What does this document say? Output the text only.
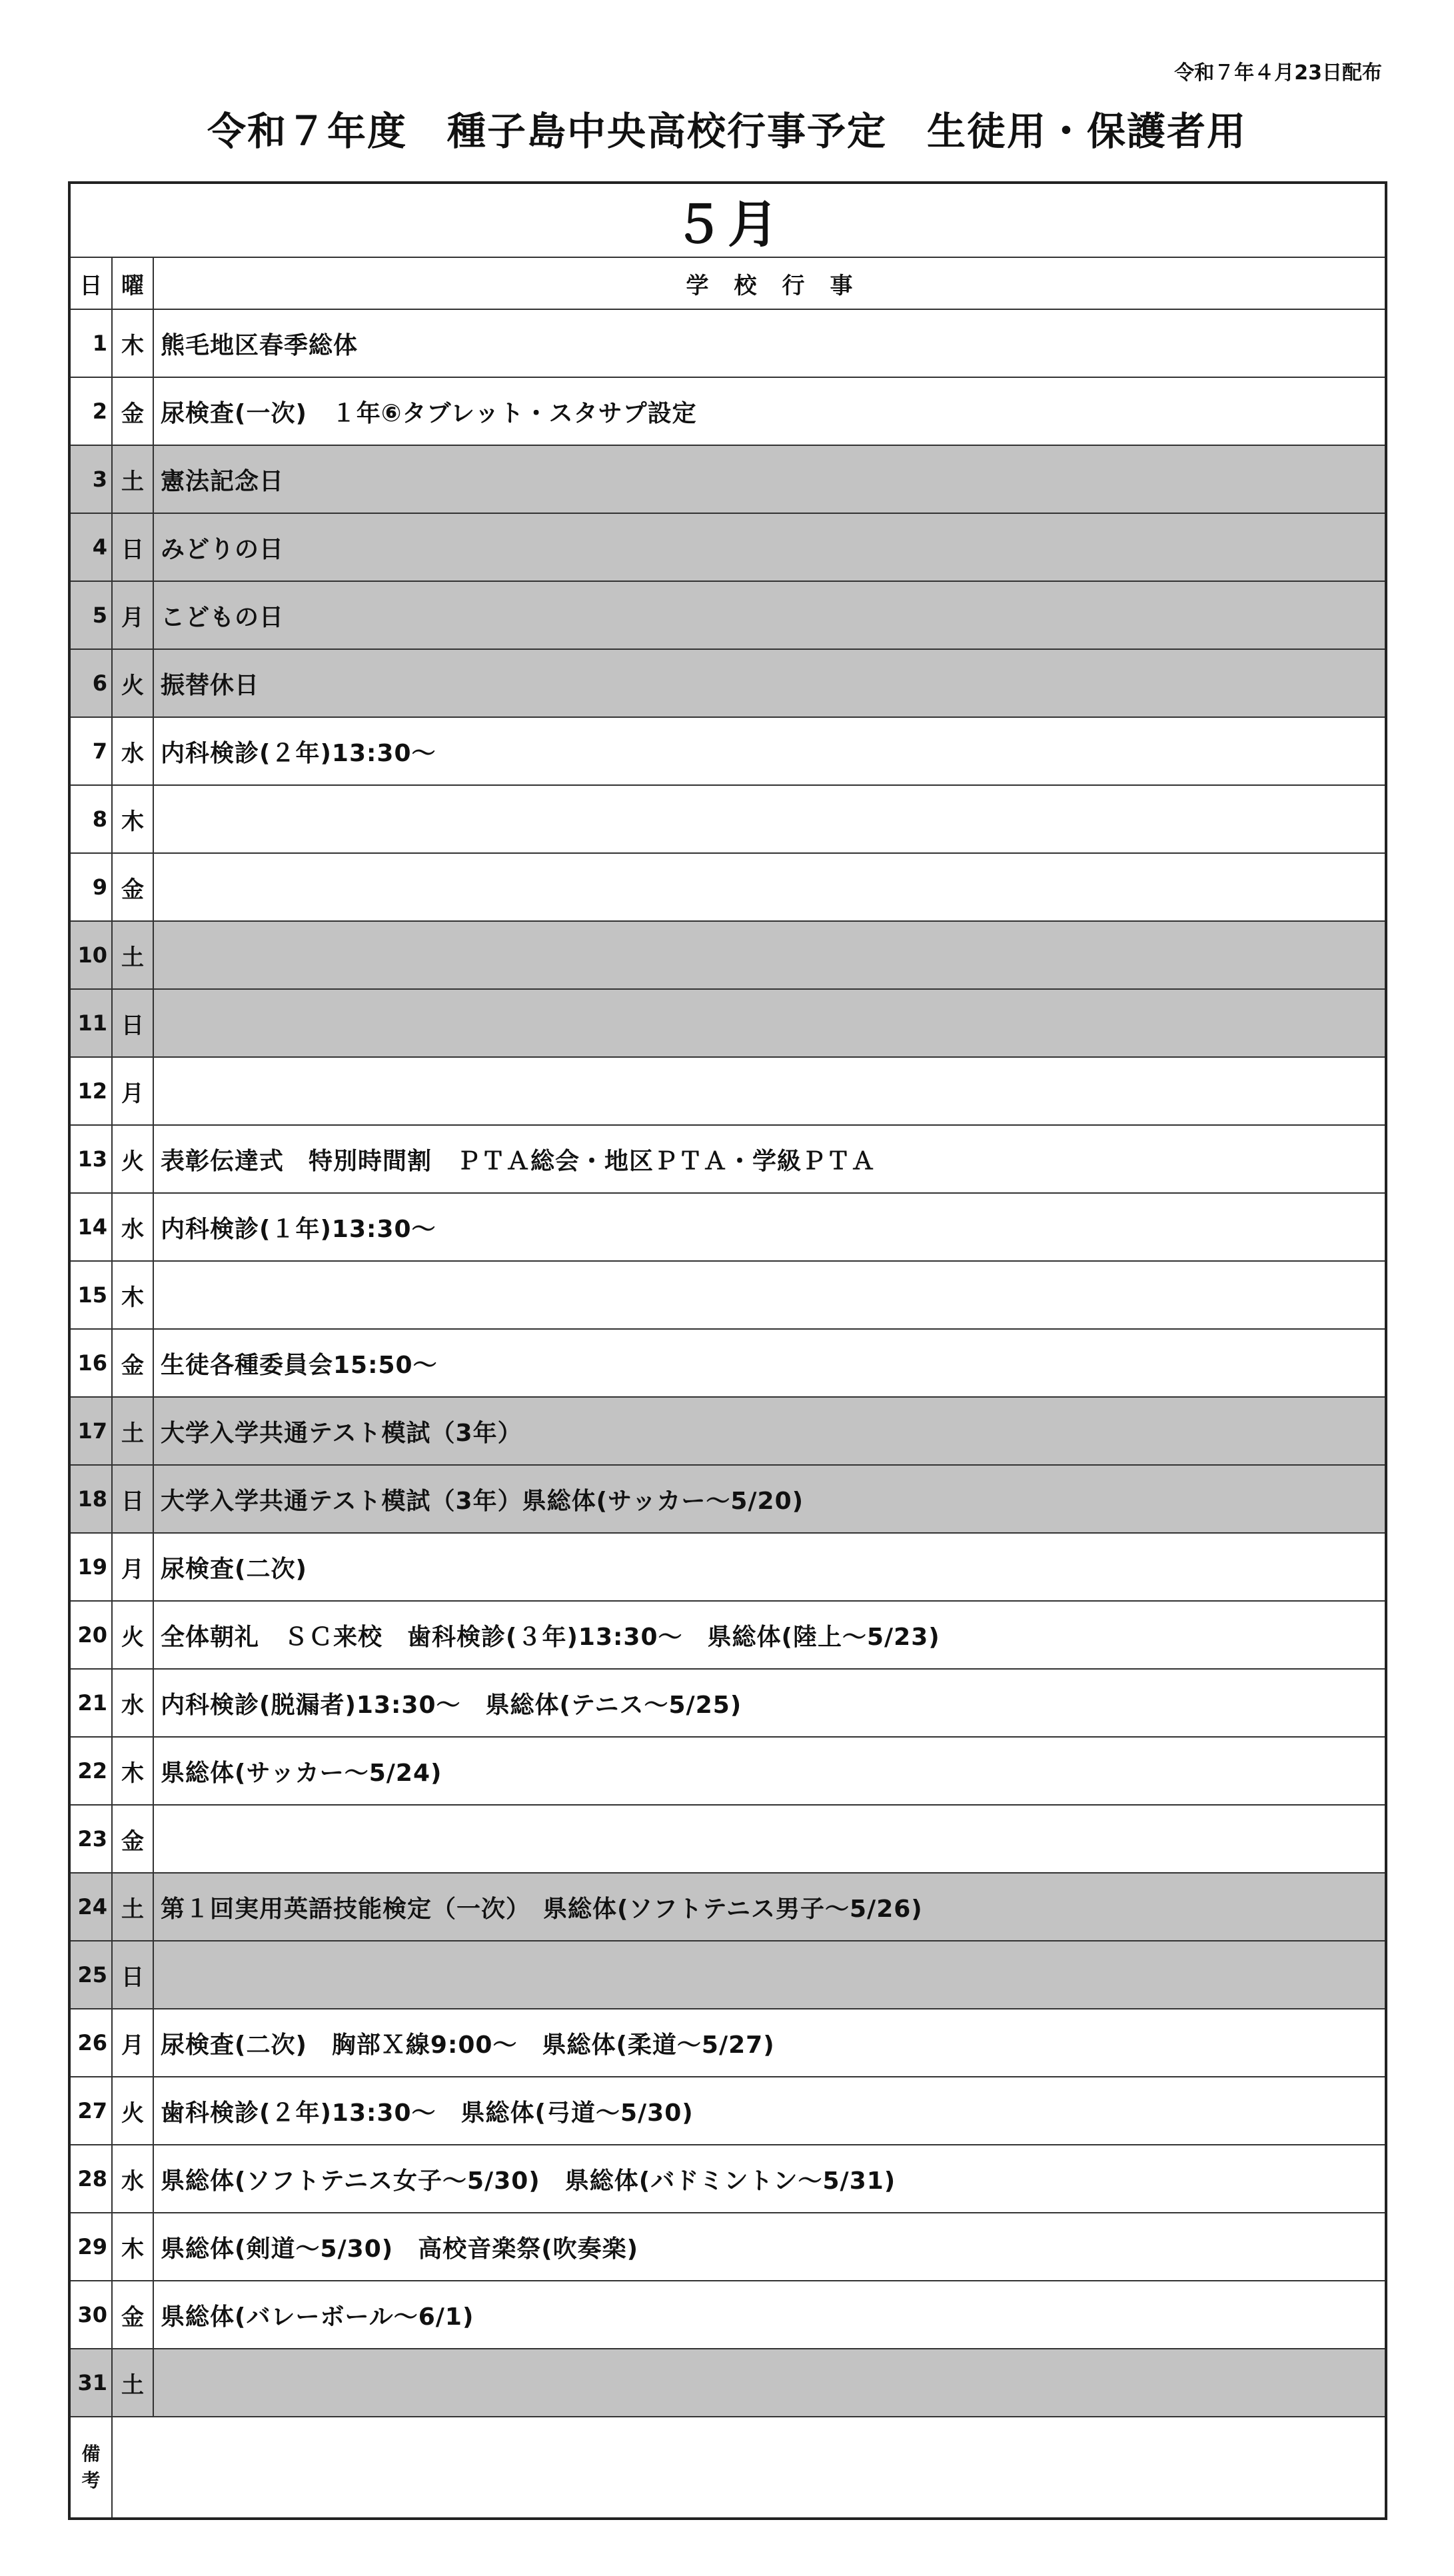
令和７年４月23日配布
令和７年度　種子島中央高校行事予定　生徒用・保護者用
５月		
日	曜	学校行事
1	木	熊毛地区春季総体
2	金	尿検査(一次)　１年⑥タブレット・スタサプ設定
3	土	憲法記念日
4	日	みどりの日
5	月	こどもの日
6	火	振替休日
7	水	内科検診(２年)13:30～
8	木	
9	金	
10	土	
11	日	
12	月	
13	火	表彰伝達式　特別時間割　ＰＴＡ総会・地区ＰＴＡ・学級ＰＴＡ
14	水	内科検診(１年)13:30～
15	木	
16	金	生徒各種委員会15:50～
17	土	大学入学共通テスト模試（3年）
18	日	大学入学共通テスト模試（3年）県総体(サッカー～5/20)
19	月	尿検査(二次)
20	火	全体朝礼　ＳＣ来校　歯科検診(３年)13:30～　県総体(陸上～5/23)
21	水	内科検診(脱漏者)13:30～　県総体(テニス～5/25)
22	木	県総体(サッカー～5/24)
23	金	
24	土	第１回実用英語技能検定（一次）　県総体(ソフトテニス男子～5/26)
25	日	
26	月	尿検査(二次)　胸部Ｘ線9:00～　県総体(柔道～5/27)
27	火	歯科検診(２年)13:30～　県総体(弓道～5/30)
28	水	県総体(ソフトテニス女子～5/30)　県総体(バドミントン～5/31)
29	木	県総体(剣道～5/30)　高校音楽祭(吹奏楽)
30	金	県総体(バレーボール～6/1)
31	土	
備考		
